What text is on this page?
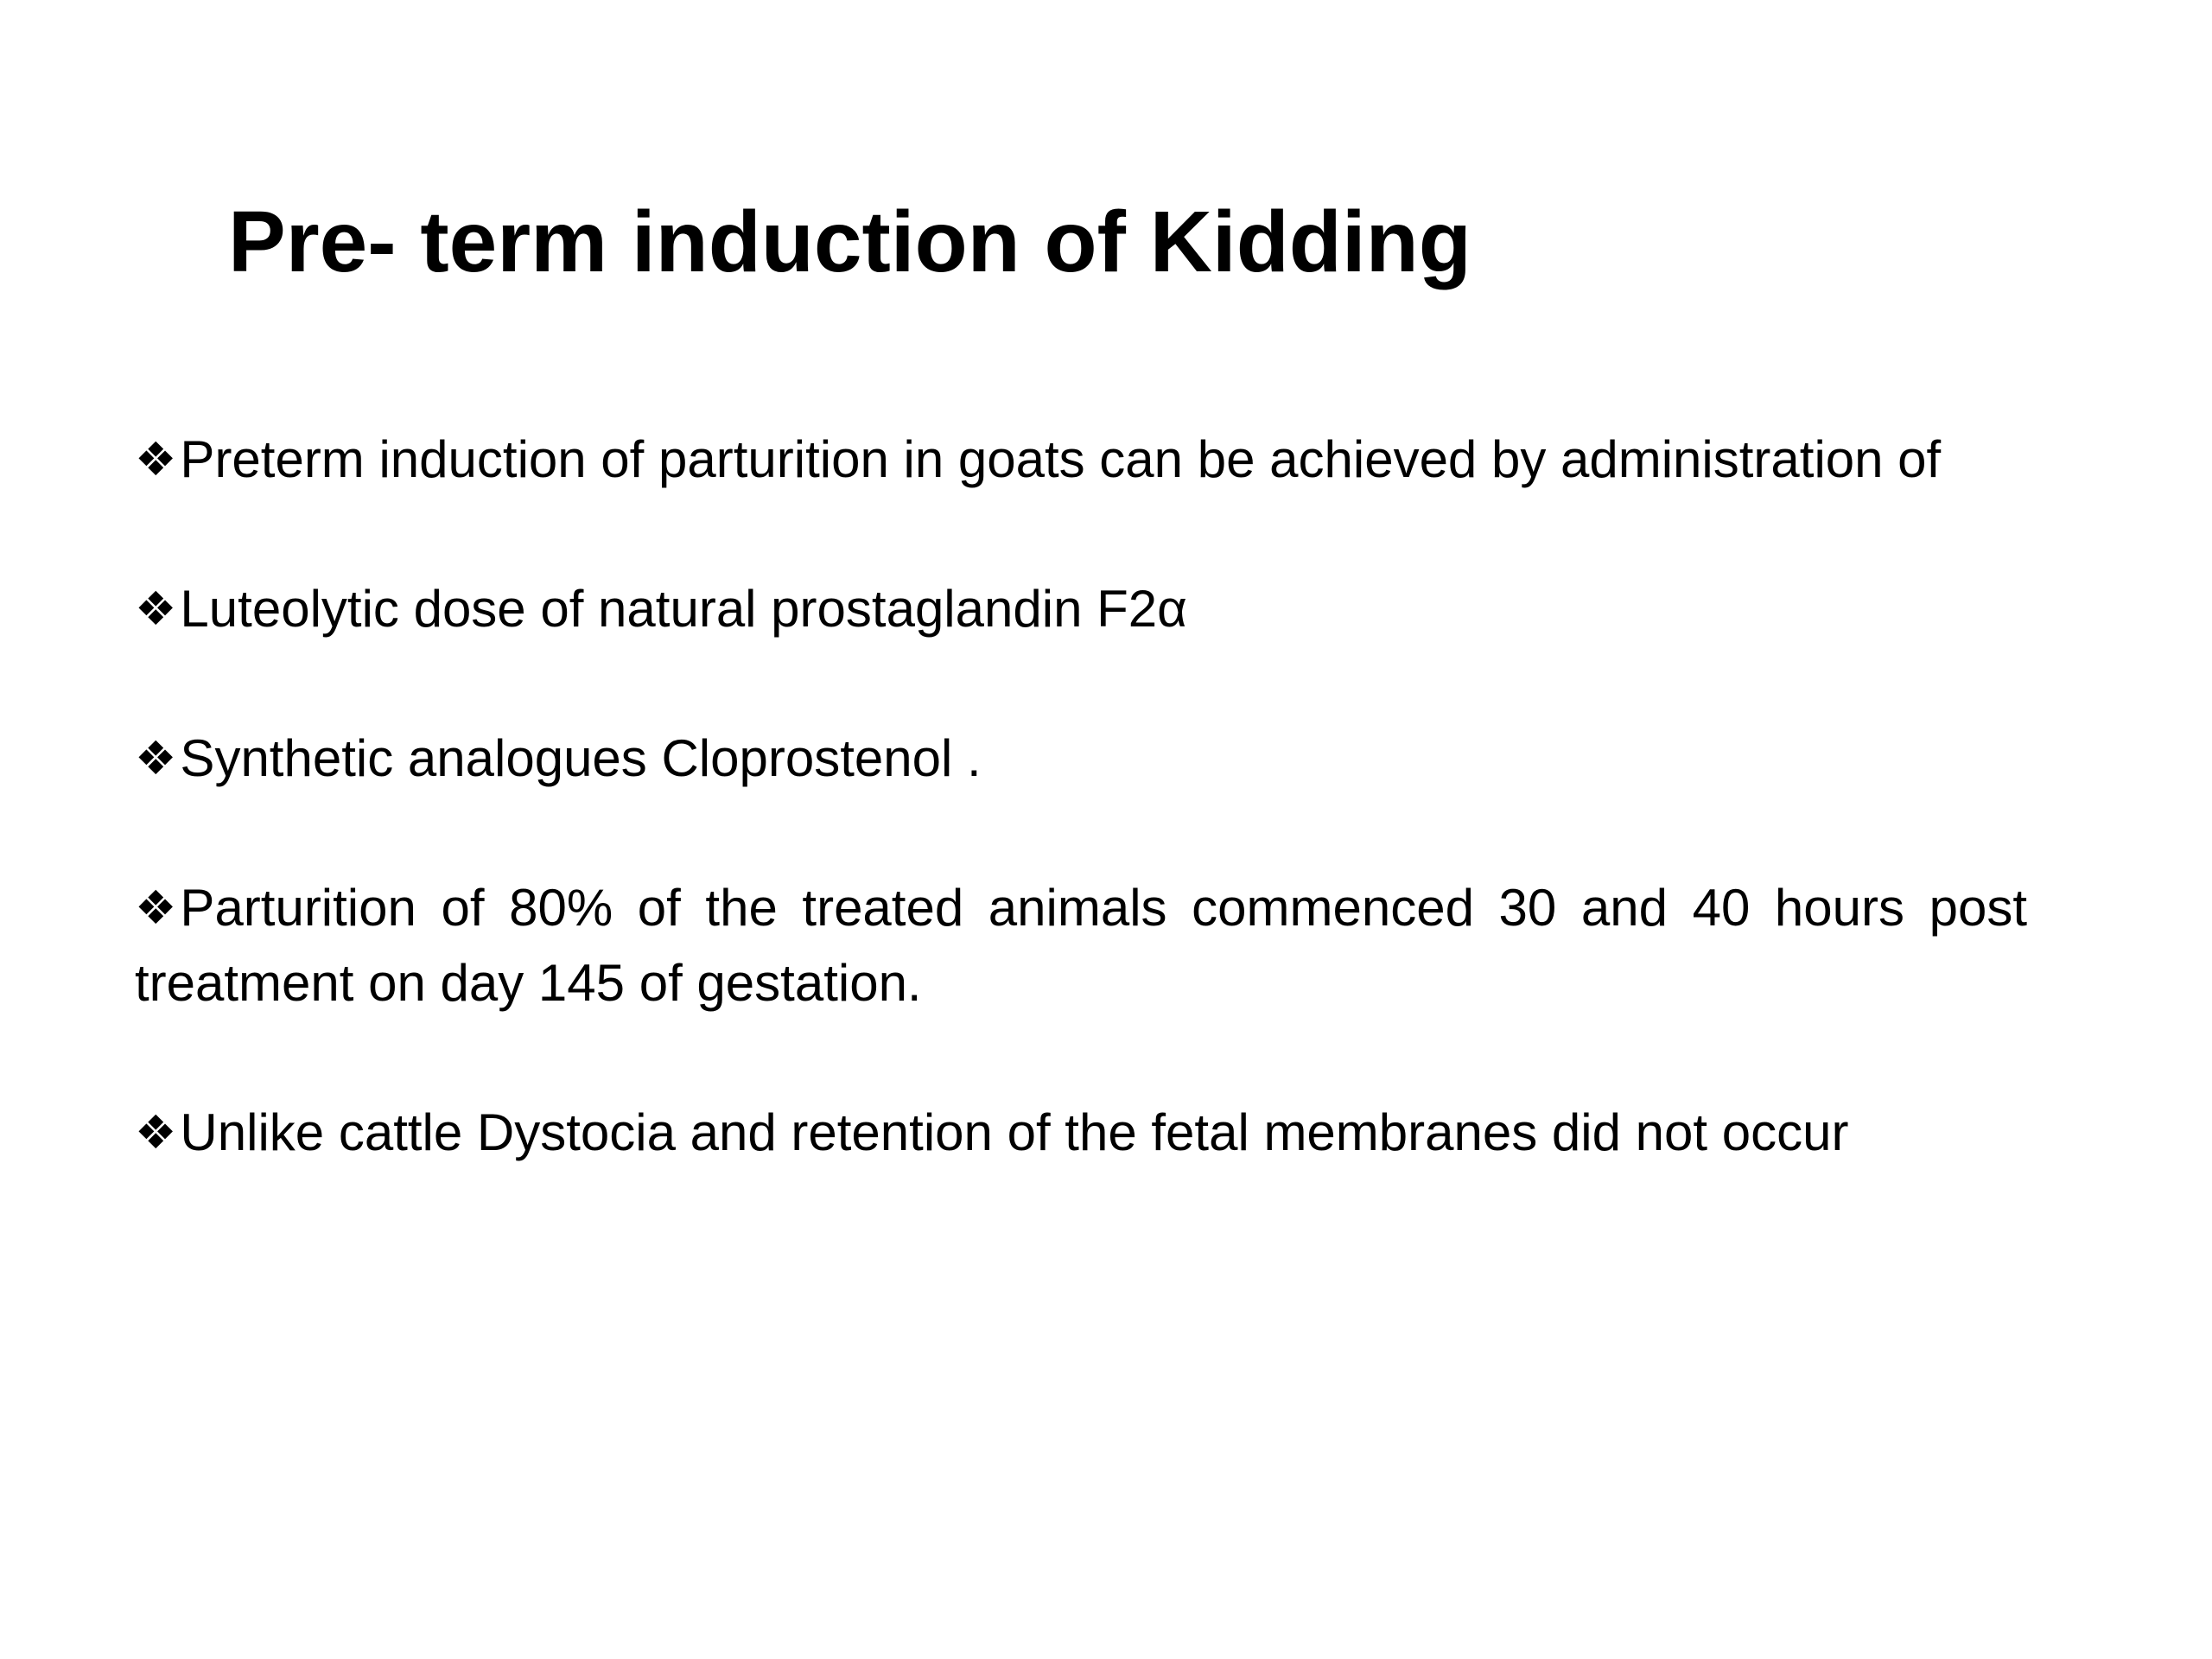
Pre- term induction of Kidding
❖Preterm induction of parturition in goats can be achieved by administration of
❖Luteolytic dose of natural prostaglandin F2α
❖Synthetic analogues Cloprostenol .
❖Parturition of 80% of the treated animals commenced 30 and 40 hours post treatment on day 145 of gestation.
❖Unlike cattle Dystocia and retention of the fetal membranes did not occur
